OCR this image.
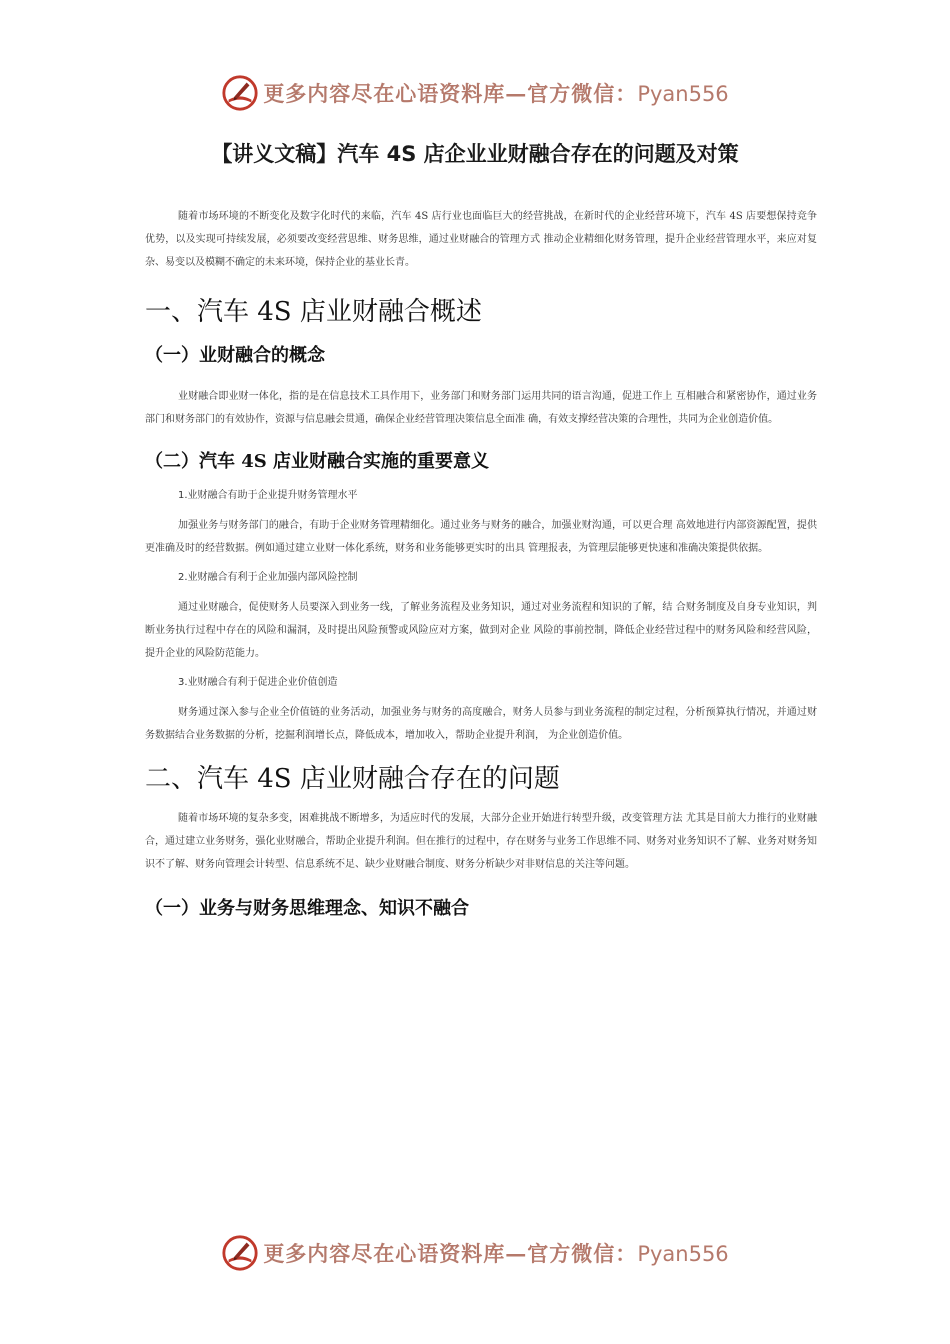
更多内容尽在心语资料库—官方微信：Pyan556
【讲义文稿】汽车 4S 店企业业财融合存在的问题及对策

随着市场环境的不断变化及数字化时代的来临，汽车 4S 店行业也面临巨大的经营挑战，在新时代的企业经营环境下，汽车 4S 店要想保持竞争优势，以及实现可持续发展，必须要改变经营思维、财务思维，通过业财融合的管理方式 推动企业精细化财务管理，提升企业经营管理水平，来应对复杂、易变以及模糊不确定的未来环境，保持企业的基业长青。

一、汽车 4S 店业财融合概述
（一）业财融合的概念

业财融合即业财一体化，指的是在信息技术工具作用下，业务部门和财务部门运用共同的语言沟通，促进工作上 互相融合和紧密协作，通过业务部门和财务部门的有效协作，资源与信息融会贯通，确保企业经营管理决策信息全面准 确，有效支撑经营决策的合理性，共同为企业创造价值。

（二）汽车 4S 店业财融合实施的重要意义

1.业财融合有助于企业提升财务管理水平

加强业务与财务部门的融合，有助于企业财务管理精细化。通过业务与财务的融合，加强业财沟通，可以更合理 高效地进行内部资源配置，提供更准确及时的经营数据。例如通过建立业财一体化系统，财务和业务能够更实时的出具 管理报表，为管理层能够更快速和准确决策提供依据。

2.业财融合有利于企业加强内部风险控制

通过业财融合，促使财务人员要深入到业务一线，了解业务流程及业务知识，通过对业务流程和知识的了解，结 合财务制度及自身专业知识，判断业务执行过程中存在的风险和漏洞，及时提出风险预警或风险应对方案，做到对企业 风险的事前控制，降低企业经营过程中的财务风险和经营风险，提升企业的风险防范能力。

3.业财融合有利于促进企业价值创造

财务通过深入参与企业全价值链的业务活动，加强业务与财务的高度融合，财务人员参与到业务流程的制定过程，分析预算执行情况，并通过财务数据结合业务数据的分析，挖掘利润增长点，降低成本，增加收入，帮助企业提升利润， 为企业创造价值。

二、汽车 4S 店业财融合存在的问题

随着市场环境的复杂多变，困难挑战不断增多，为适应时代的发展，大部分企业开始进行转型升级，改变管理方法 尤其是目前大力推行的业财融合，通过建立业务财务，强化业财融合，帮助企业提升利润。但在推行的过程中，存在财务与业务工作思维不同、财务对业务知识不了解、业务对财务知识不了解、财务向管理会计转型、信息系统不足、缺少业财融合制度、财务分析缺少对非财信息的关注等问题。

（一）业务与财务思维理念、知识不融合
更多内容尽在心语资料库—官方微信：Pyan556
